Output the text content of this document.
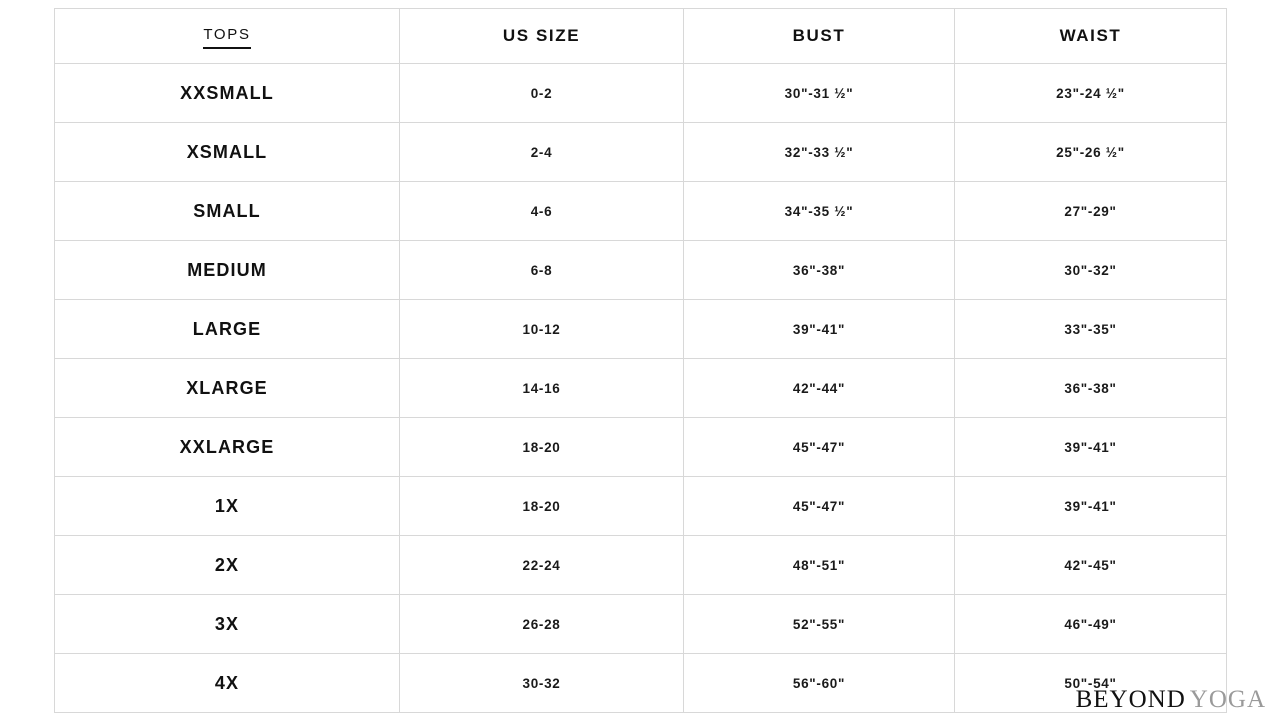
TOPS	US SIZE	BUST	WAIST
XXSMALL	0-2	30"-31 ½"	23"-24 ½"
XSMALL	2-4	32"-33 ½"	25"-26 ½"
SMALL	4-6	34"-35 ½"	27"-29"
MEDIUM	6-8	36"-38"	30"-32"
LARGE	10-12	39"-41"	33"-35"
XLARGE	14-16	42"-44"	36"-38"
XXLARGE	18-20	45"-47"	39"-41"
1X	18-20	45"-47"	39"-41"
2X	22-24	48"-51"	42"-45"
3X	26-28	52"-55"	46"-49"
4X	30-32	56"-60"	50"-54"
BEYOND YOGA
